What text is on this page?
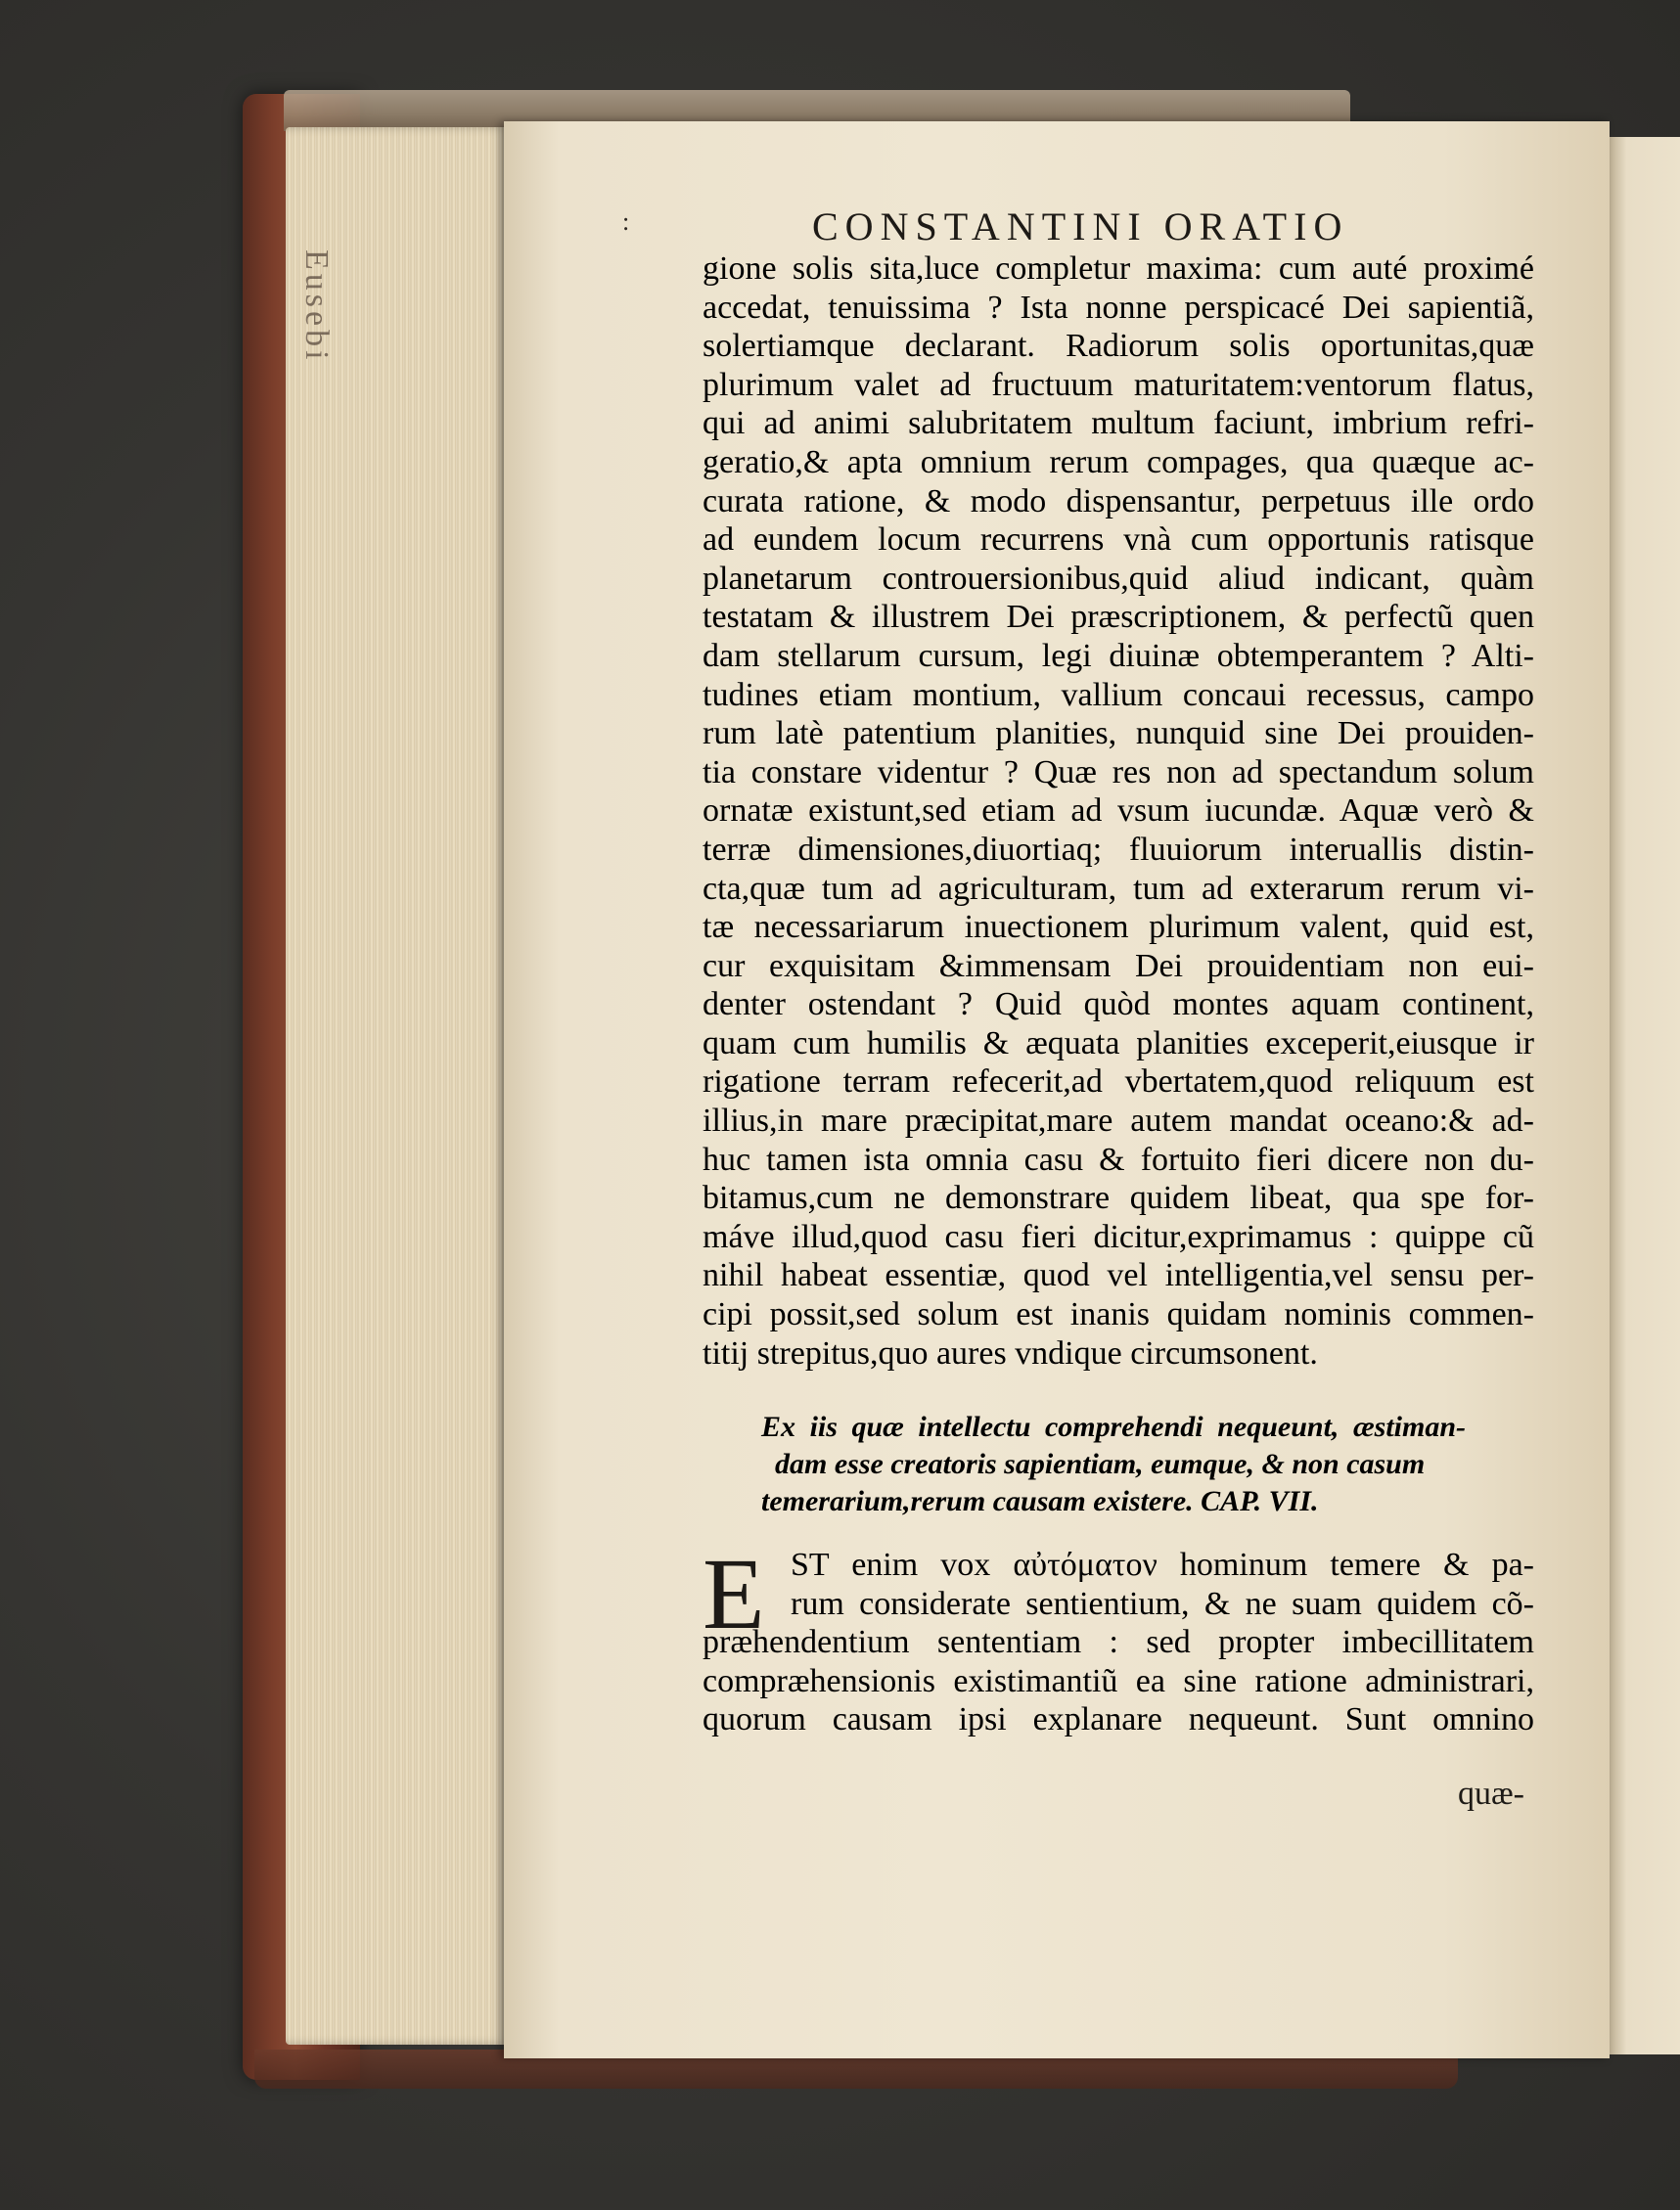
Eusebi
:	CONSTANTINI ORATIO
gione solis sita,luce completur maxima: cum auté proximé
accedat, tenuissima ? Ista nonne perspicacé Dei sapientiã,
solertiamque declarant. Radiorum solis oportunitas,quæ
plurimum valet ad fructuum maturitatem:ventorum flatus,
qui ad animi salubritatem multum faciunt, imbrium refri-
geratio,& apta omnium rerum compages, qua quæque ac-
curata ratione, & modo dispensantur, perpetuus ille ordo
ad eundem locum recurrens vnà cum opportunis ratisque
planetarum controuersionibus,quid aliud indicant, quàm
testatam & illustrem Dei præscriptionem, & perfectũ quen
dam stellarum cursum, legi diuinæ obtemperantem ? Alti-
tudines etiam montium, vallium concaui recessus, campo
rum latè patentium planities, nunquid sine Dei prouiden-
tia constare videntur ? Quæ res non ad spectandum solum
ornatæ existunt,sed etiam ad vsum iucundæ. Aquæ verò &
terræ dimensiones,diuortiaq; fluuiorum interuallis distin-
cta,quæ tum ad agriculturam, tum ad exterarum rerum vi-
tæ necessariarum inuectionem plurimum valent, quid est,
cur exquisitam &immensam Dei prouidentiam non eui-
denter ostendant ? Quid quòd montes aquam continent,
quam cum humilis & æquata planities exceperit,eiusque ir
rigatione terram refecerit,ad vbertatem,quod reliquum est
illius,in mare præcipitat,mare autem mandat oceano:& ad-
huc tamen ista omnia casu & fortuito fieri dicere non du-
bitamus,cum ne demonstrare quidem libeat, qua spe for-
máve illud,quod casu fieri dicitur,exprimamus : quippe cũ
nihil habeat essentiæ, quod vel intelligentia,vel sensu per-
cipi possit,sed solum est inanis quidam nominis commen-
titij strepitus,quo aures vndique circumsonent.
Ex iis quæ intellectu comprehendi nequeunt, æstiman-
dam esse creatoris sapientiam, eumque, & non casum
temerarium,rerum causam existere. CAP. VII.
E ST enim vox αὐτόματον hominum temere & pa-
rum considerate sentientium, & ne suam quidem cõ-
præhendentium sententiam : sed propter imbecillitatem
compræhensionis existimantiũ ea sine ratione administrari,
quorum causam ipsi explanare nequeunt. Sunt omnino
quæ-
